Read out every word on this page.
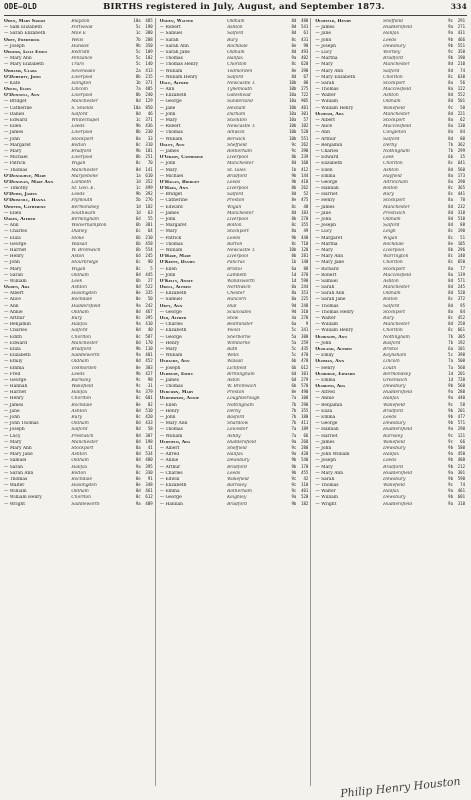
ODE—OLD	BIRTHS registered in July, August, and September 1873.	334
Oden, Mary Sarah	Blaydon	10a	485
— Sam Elizabeth	Portwood	5c	190
— Sarah Elizabeth	Mile E	1c	380
Odey, Frederick	Wells	7b	208
— Joseph	Hunslet	9b	350
Odgers, Lilly Emily	Redruth	5c	109
— Mary Ann	Penzance	5c	102
— Mary Elizabeth	Truro	5c	140
Odhams, Clara	Sevenoaks	2a	413
O'Doherty, John	Liverpool	8b	215
— Kate	Islington	1b	371
Odlin, Eliza	Lincoln	7a	485
O'Donnell, Ann	Liverpool	8b	240
— Bridget	Manchester	8d	129
— Catherine	S. Shields	10a	850
— Daniel	Salford	8d	46
— Edward	Whitechapel	1c	371
— Ellen	Leeds	9b	436
— James	Liverpool	8b	230
— John	Stockport	8a	33
— Margaret	Bolton	8c	310
— Mary	Bradford	9b	101
— Michael	Liverpool	8b	251
— Patrick	Wigan	8c	70
— Thomas	Manchester	8d	141
O'Donoghue, Mary	Marylebone	1a	610
O'Donovan, Mary Ann	Lambeth	1d	352
— Timothy	St. Geo. E.	1c	499
O'Dowd, James	Leeds	9b	392
O'Driscoll, Hanna	Plymouth	5b	276
Odwyer, Catherine	Bermondsey	1d	182
— Ellen	Southwark	1d	63
Oakes, Alfred	Birmingham	6d	55
— Ann	Wolverhampton	6b	381
— Charles	Dudley	6c	64
— Eliza	Stoke	6b	210
— George	Walsall	6b	458
— Harriet	W. Bromwich	6b	554
— Henry	Aston	6d	245
— John	Stourbridge	6c	90
— Mary	Wigan	8c	5
— Sarah	Oldham	8d	445
— William	Leek	6b	27
Ogden, Ada	Ashton	8d	522
— Albert	Haslingden	8e	335
— Alice	Rochdale	8e	50
— Ann	Huddersfield	9a	242
— Annie	Oldham	8d	467
— Arthur	Bury	8c	395
— Benjamin	Halifax	9a	410
— Charles	Salford	8d	40
— Edith	Chorlton	8c	587
— Edward	Manchester	8d	170
— Eliza	Bradford	9b	110
— Elizabeth	Saddleworth	9a	401
— Emily	Oldham	8d	452
— Emma	Todmorden	8e	383
— Fred	Leeds	9b	427
— George	Barnsley	9c	98
— Hannah	Wakefield	9c	31
— Harriet	Halifax	9a	379
— Henry	Chorlton	8c	601
— James	Rochdale	8e	82
— Jane	Ashton	8d	510
— John	Bury	8c	420
— John Thomas	Oldham	8d	433
— Joseph	Salford	8d	58
— Lucy	Prestwich	8d	307
— Mary	Manchester	8d	198
— Mary Ann	Stockport	8a	41
— Mary Jane	Ashton	8d	534
— Samuel	Oldham	8d	480
— Sarah	Halifax	9a	395
— Sarah Ann	Bolton	8c	330
— Thomas	Rochdale	8e	91
— Walter	Haslingden	8e	348
— William	Oldham	8d	461
— William Henry	Chorlton	8c	612
— Wright	Saddleworth	9a	409
Ogden, Walter	Oldham	8d	488
— Robert	Ashton	8d	541
— Samuel	Salford	8d	61
— Sarah	Bury	8c	431
— Sarah Ann	Rochdale	8e	98
— Sarah Jane	Oldham	8d	493
— Thomas	Halifax	9a	402
— Thomas Henry	Chorlton	8c	620
— William	Todmorden	8e	390
— William Henry	Salford	8d	67
Ogle, Alfred	Newcastle T.	10b	88
— Ann	Tynemouth	10b	275
— Elizabeth	Gateshead	10a	722
— George	Sunderland	10a	905
— Jane	Hexham	10b	401
— John	Durham	10a	301
— Mary	Stockton	10a	57
— Robert	Newcastle T.	10b	102
— Thomas	Alnwick	10b	520
— William	Berwick	10b	551
Ogley, Ann	Sheffield	9c	262
— James	Rotherham	9c	390
O'Grady, Catherine	Liverpool	8b	239
— John	Manchester	8d	160
— Mary	St. Giles	1b	412
— Michael	Bradford	9b	144
O'Hagan, Bridget	Leeds	9b	418
O'Hara, Ann	Liverpool	8b	262
— Bridget	Salford	8d	52
— Catherine	Preston	8e	475
— Edward	Wigan	8c	40
— James	Manchester	8d	183
— John	Liverpool	8b	270
— Margaret	Bolton	8c	355
— Mary	Stockport	8a	49
— Patrick	Leeds	9b	440
— Thomas	Barton	8c	710
— William	Newcastle T.	10b	120
O'Hare, Mary	Liverpool	8b	281
O'Keefe, Daniel	Pancras	1b	140
— Ellen	Bristol	6a	88
— John	Lambeth	1d	370
O'Kelly, Annie	Wandsworth	1d	590
Okell, Alfred	Northwich	8a	244
— Elizabeth	Chester	8a	353
— Samuel	Runcorn	8a	225
Okey, Ann	Hull	9d	248
— George	Sculcoates	9d	310
Old, Alfred	Stow	4a	270
— Charles	Bedminster	6a	9
— Elizabeth	Yeovil	5c	341
— George	Sherborne	5a	380
— Henry	Wimborne	5a	259
— Mary	Bath	5c	435
— William	Wells	5c	470
Oldacre, Ann	Walsall	6b	470
— Joseph	Lichfield	6b	612
Oldbury, Emily	Birmingham	6d	101
— James	Aston	6d	279
— Thomas	W. Bromwich	6b	570
Oldcorn, Mary	Preston	8e	490
Oldershaw, Annie	Loughborough	7a	108
— Ellen	Nottingham	7b	290
— Henry	Derby	7b	355
— John	Basford	7b	180
— Mary Ann	Shardlow	7b	411
— Thomas	Leicester	7a	189
— William	Ashby	7a	66
Oldfield, Ada	Huddersfield	9a	260
— Albert	Sheffield	9c	280
— Alfred	Halifax	9a	420
— Annie	Dewsbury	9b	540
— Arthur	Bradford	9b	170
— Charles	Leeds	9b	455
— Edwin	Wakefield	9c	42
— Elizabeth	Barnsley	9c	110
— Emma	Rotherham	9c	401
— George	Keighley	9a	520
— Hannah	Bradford	9b	182
Oldfield, Henry	Sheffield	9c	291
— James	Huddersfield	9a	271
— Jane	Halifax	9a	431
— John	Leeds	9b	466
— Joseph	Dewsbury	9b	551
— Lucy	Wortley	9c	350
— Martha	Bradford	9b	190
— Mary	Manchester	8d	210
— Mary Ann	Salford	8d	74
— Mary Elizabeth	Chorlton	8c	630
— Sarah	Stockport	8a	56
— Thomas	Macclesfield	8a	122
— Walter	Ashton	8d	552
— William	Oldham	8d	501
— William Henry	Wakefield	9c	50
Oldham, Ada	Manchester	8d	221
— Albert	Stockport	8a	62
— Alice	Macclesfield	8a	130
— Ann	Congleton	8a	84
— Arthur	Salford	8d	80
— Benjamin	Derby	7b	362
— Charles	Nottingham	7b	299
— Edward	Leek	6b	35
— Elizabeth	Chorlton	8c	641
— Ellen	Ashton	8d	560
— Emma	Hayfield	8a	173
— George	Altrincham	8a	290
— Hannah	Bolton	8c	365
— Harriet	Bury	8c	441
— Henry	Stockport	8a	70
— James	Manchester	8d	232
— Jane	Prestwich	8d	318
— John	Oldham	8d	510
— Joseph	Salford	8d	88
— Lucy	Leigh	8c	190
— Margaret	Wigan	8c	51
— Martha	Rochdale	8e	105
— Mary	Liverpool	8b	296
— Mary Ann	Warrington	8c	140
— Mary Jane	Chorlton	8c	650
— Richard	Stockport	8a	77
— Robert	Macclesfield	8a	139
— Samuel	Ashton	8d	571
— Sarah	Manchester	8d	245
— Sarah Ann	Oldham	8d	520
— Sarah Jane	Bolton	8c	372
— Thomas	Salford	8d	95
— Thomas Henry	Stockport	8a	84
— Walter	Bury	8c	452
— William	Manchester	8d	258
— William Henry	Chorlton	8c	661
Oldknow, Ann	Nottingham	7b	305
— John	Basford	7b	192
Oldland, Alfred	Bristol	6a	101
— Emily	Keynsham	5c	390
Oldman, Ann	Lincoln	7a	500
— Henry	Louth	7a	560
Oldridge, Edward	Bermondsey	1d	201
— Emma	Greenwich	1d	720
Oldroyd, Ada	Dewsbury	9b	560
— Alfred	Huddersfield	9a	280
— Annie	Halifax	9a	440
— Benjamin	Wakefield	9c	58
— Eliza	Bradford	9b	201
— Emma	Leeds	9b	477
— George	Dewsbury	9b	571
— Hannah	Huddersfield	9a	290
— Harriet	Barnsley	9c	121
— James	Wakefield	9c	66
— John	Dewsbury	9b	580
— John William	Halifax	9a	450
— Joseph	Leeds	9b	488
— Mary	Bradford	9b	212
— Mary Ann	Huddersfield	9a	301
— Sarah	Dewsbury	9b	590
— Thomas	Wakefield	9c	74
— Walter	Halifax	9a	461
— William	Dewsbury	9b	601
— Wright	Huddersfield	9a	310
Philip Henry Houston
